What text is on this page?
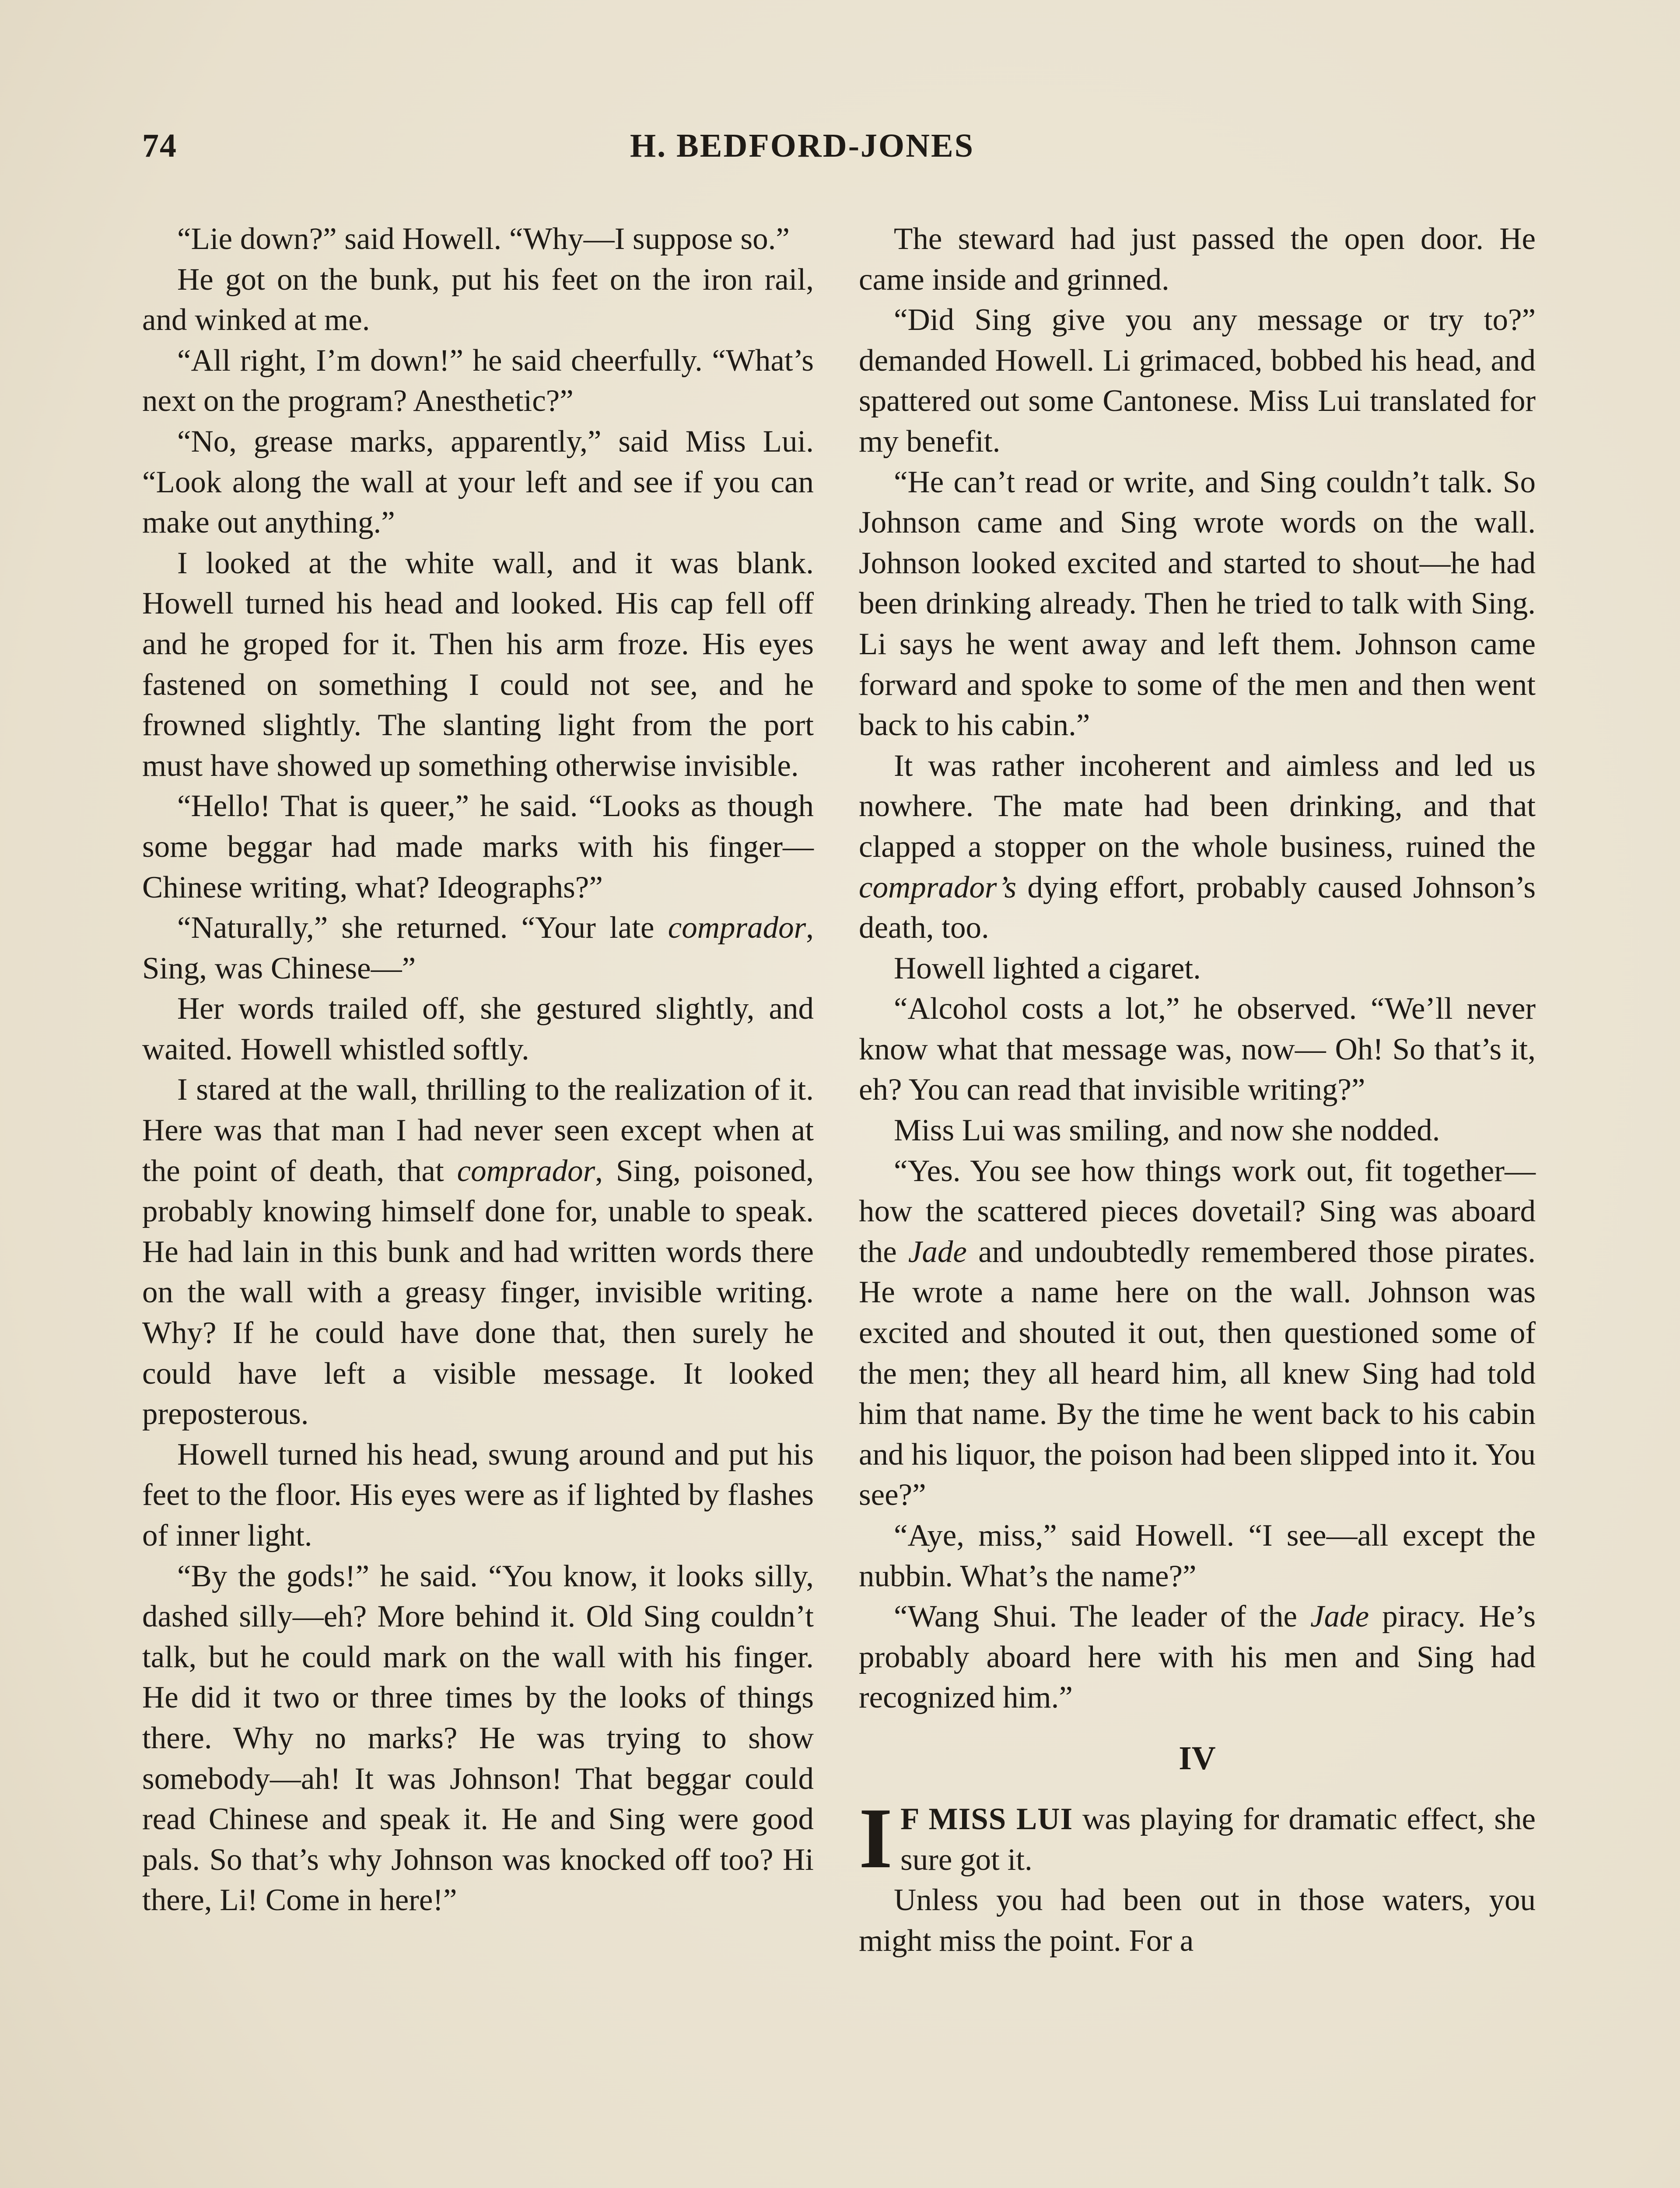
74	H. BEDFORD-JONES

“Lie down?” said Howell. “Why—I suppose so.”

He got on the bunk, put his feet on the iron rail, and winked at me.

“All right, I’m down!” he said cheerfully. “What’s next on the program? Anesthetic?”

“No, grease marks, apparently,” said Miss Lui. “Look along the wall at your left and see if you can make out anything.”

I looked at the white wall, and it was blank. Howell turned his head and looked. His cap fell off and he groped for it. Then his arm froze. His eyes fastened on something I could not see, and he frowned slightly. The slanting light from the port must have showed up something otherwise invisible.

“Hello! That is queer,” he said. “Looks as though some beggar had made marks with his finger—Chinese writing, what? Ideographs?”

“Naturally,” she returned. “Your late comprador, Sing, was Chinese—”

Her words trailed off, she gestured slightly, and waited. Howell whistled softly.

I stared at the wall, thrilling to the realization of it. Here was that man I had never seen except when at the point of death, that comprador, Sing, poisoned, probably knowing himself done for, unable to speak. He had lain in this bunk and had written words there on the wall with a greasy finger, invisible writing. Why? If he could have done that, then surely he could have left a visible message. It looked preposterous.

Howell turned his head, swung around and put his feet to the floor. His eyes were as if lighted by flashes of inner light.

“By the gods!” he said. “You know, it looks silly, dashed silly—eh? More behind it. Old Sing couldn’t talk, but he could mark on the wall with his finger. He did it two or three times by the looks of things there. Why no marks? He was trying to show somebody—ah! It was Johnson! That beggar could read Chinese and speak it. He and Sing were good pals. So that’s why Johnson was knocked off too? Hi there, Li! Come in here!”

The steward had just passed the open door. He came inside and grinned.

“Did Sing give you any message or try to?” demanded Howell. Li grimaced, bobbed his head, and spattered out some Cantonese. Miss Lui translated for my benefit.

“He can’t read or write, and Sing couldn’t talk. So Johnson came and Sing wrote words on the wall. Johnson looked excited and started to shout—he had been drinking already. Then he tried to talk with Sing. Li says he went away and left them. Johnson came forward and spoke to some of the men and then went back to his cabin.”

It was rather incoherent and aimless and led us nowhere. The mate had been drinking, and that clapped a stopper on the whole business, ruined the comprador’s dying effort, probably caused Johnson’s death, too.

Howell lighted a cigaret.

“Alcohol costs a lot,” he observed. “We’ll never know what that message was, now— Oh! So that’s it, eh? You can read that invisible writing?”

Miss Lui was smiling, and now she nodded.

“Yes. You see how things work out, fit together—how the scattered pieces dovetail? Sing was aboard the Jade and undoubtedly remembered those pirates. He wrote a name here on the wall. Johnson was excited and shouted it out, then questioned some of the men; they all heard him, all knew Sing had told him that name. By the time he went back to his cabin and his liquor, the poison had been slipped into it. You see?”

“Aye, miss,” said Howell. “I see—all except the nubbin. What’s the name?”

“Wang Shui. The leader of the Jade piracy. He’s probably aboard here with his men and Sing had recognized him.”

IV

I F MISS LUI was playing for dramatic effect, she sure got it.

Unless you had been out in those waters, you might miss the point. For a
